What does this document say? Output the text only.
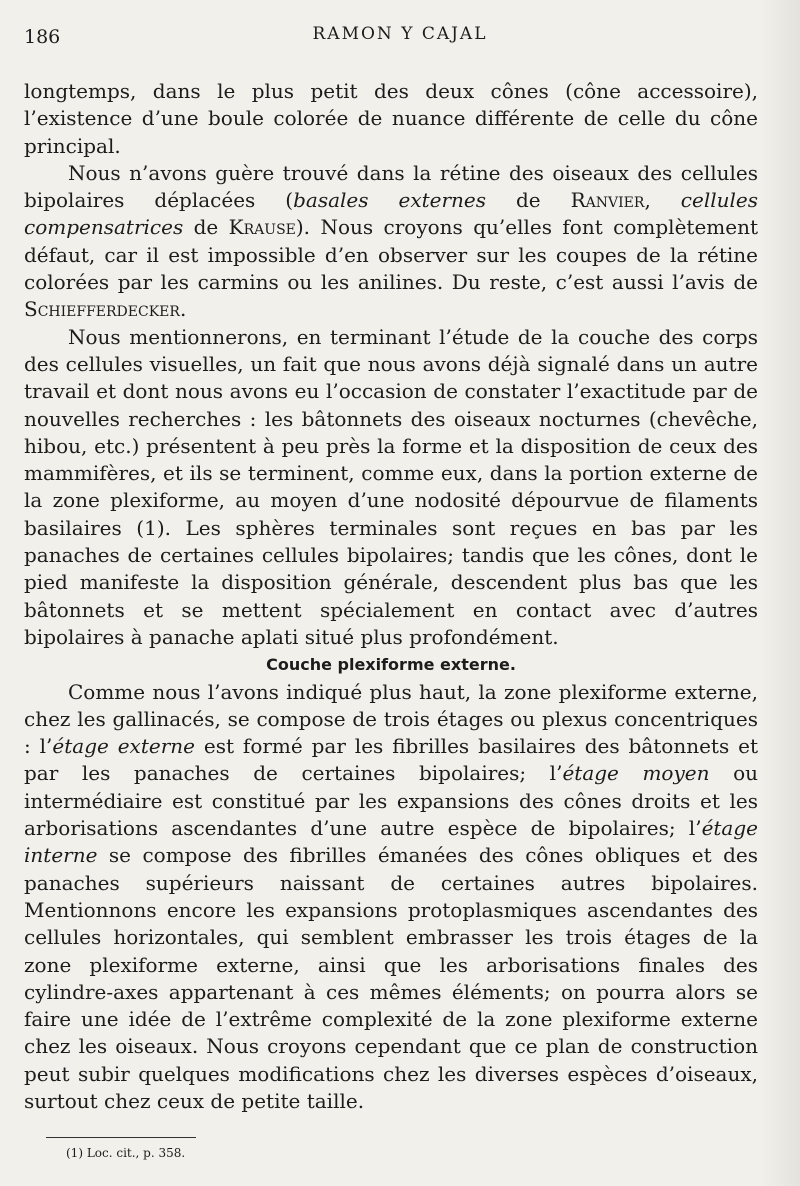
186	RAMON Y CAJAL

longtemps, dans le plus petit des deux cônes (cône accessoire), l’existence d’une boule colorée de nuance différente de celle du cône principal.

Nous n’avons guère trouvé dans la rétine des oiseaux des cellules bipolaires déplacées (basales externes de Ranvier, cellules compensatrices de Krause). Nous croyons qu’elles font complètement défaut, car il est impossible d’en observer sur les coupes de la rétine colorées par les carmins ou les anilines. Du reste, c’est aussi l’avis de Schiefferdecker.

Nous mentionnerons, en terminant l’étude de la couche des corps des cellules visuelles, un fait que nous avons déjà signalé dans un autre travail et dont nous avons eu l’occasion de constater l’exactitude par de nouvelles recherches : les bâtonnets des oiseaux nocturnes (chevêche, hibou, etc.) présentent à peu près la forme et la disposition de ceux des mammifères, et ils se terminent, comme eux, dans la portion externe de la zone plexiforme, au moyen d’une nodosité dépourvue de filaments basilaires (1). Les sphères terminales sont reçues en bas par les panaches de certaines cellules bipolaires; tandis que les cônes, dont le pied manifeste la disposition générale, descendent plus bas que les bâtonnets et se mettent spécialement en contact avec d’autres bipolaires à panache aplati situé plus profondément.

Couche plexiforme externe.

Comme nous l’avons indiqué plus haut, la zone plexiforme externe, chez les gallinacés, se compose de trois étages ou plexus concentriques : l’étage externe est formé par les fibrilles basilaires des bâtonnets et par les panaches de certaines bipolaires; l’étage moyen ou intermédiaire est constitué par les expansions des cônes droits et les arborisations ascendantes d’une autre espèce de bipolaires; l’étage interne se compose des fibrilles émanées des cônes obliques et des panaches supérieurs naissant de certaines autres bipolaires. Mentionnons encore les expansions protoplasmiques ascendantes des cellules horizontales, qui semblent embrasser les trois étages de la zone plexiforme externe, ainsi que les arborisations finales des cylindre-axes appartenant à ces mêmes éléments; on pourra alors se faire une idée de l’extrême complexité de la zone plexiforme externe chez les oiseaux. Nous croyons cependant que ce plan de construction peut subir quelques modifications chez les diverses espèces d’oiseaux, surtout chez ceux de petite taille.

(1) Loc. cit., p. 358.
